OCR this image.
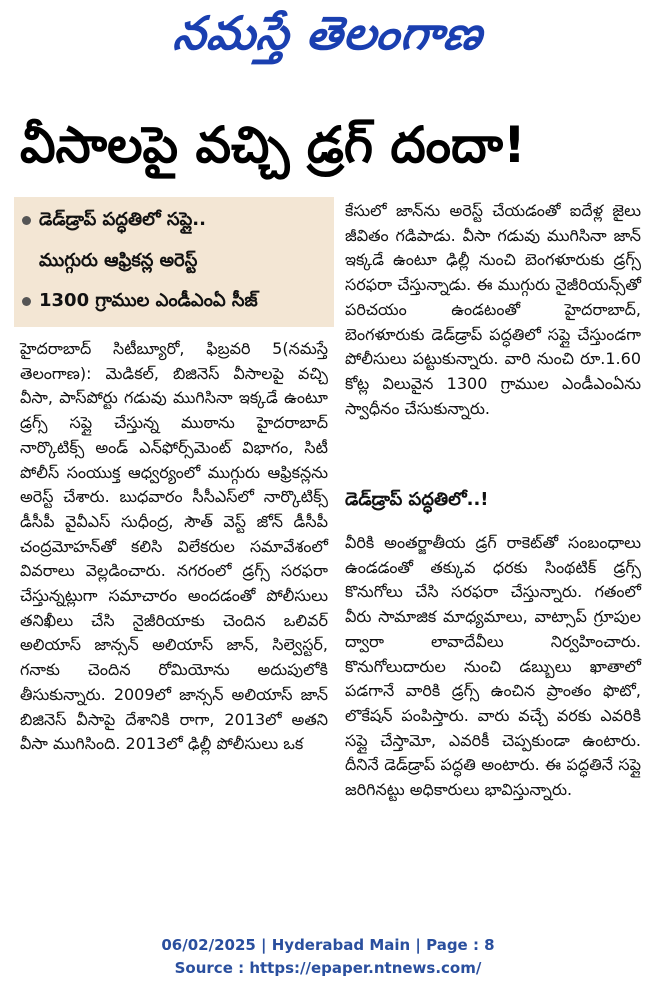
నమస్తే తెలంగాణ
వీసాలపై వచ్చి డ్రగ్ దందా!
డెడ్‌డ్రాప్ పద్ధతిలో సప్లై..
ముగ్గురు ఆఫ్రికన్ల అరెస్ట్
1300 గ్రాముల ఎండీఎంఏ సీజ్

హైదరాబాద్ సిటీబ్యూరో, ఫిబ్రవరి 5(నమస్తే తెలంగాణ): మెడికల్, బిజినెస్ వీసాలపై వచ్చి వీసా, పాస్‌పోర్టు గడువు ముగిసినా ఇక్కడే ఉంటూ డ్రగ్స్ సప్లై చేస్తున్న ముఠాను హైదరాబాద్ నార్కొటిక్స్ అండ్ ఎన్‌ఫోర్స్‌మెంట్ విభాగం, సిటీ పోలీస్ సంయుక్త ఆధ్వర్యంలో ముగ్గురు ఆఫ్రికన్లను అరెస్ట్ చేశారు. బుధవారం సీసీఎస్‌లో నార్కొటిక్స్ డీసీపీ వైవీఎస్ సుధీంద్ర, సౌత్ వెస్ట్ జోన్ డీసీపీ చంద్రమోహన్‌తో కలిసి విలేకరుల సమావేశంలో వివరాలు వెల్లడించారు. నగరంలో డ్రగ్స్ సరఫరా చేస్తున్నట్లుగా సమాచారం అందడంతో పోలీసులు తనిఖీలు చేసి నైజీరియాకు చెందిన ఒలివర్ అలియాస్ జాన్సన్ అలియాస్ జాన్, సిల్వెస్టర్, గనాకు చెందిన రోమియోను అదుపులోకి తీసుకున్నారు. 2009లో జాన్సన్ అలియాస్ జాన్ బిజినెస్ వీసాపై దేశానికి రాగా, 2013లో అతని వీసా ముగిసింది. 2013లో ఢిల్లీ పోలీసులు ఒక

కేసులో జాన్‌ను అరెస్ట్ చేయడంతో ఐదేళ్ల జైలు జీవితం గడిపాడు. వీసా గడువు ముగిసినా జాన్ ఇక్కడే ఉంటూ ఢిల్లీ నుంచి బెంగళూరుకు డ్రగ్స్ సరఫరా చేస్తున్నాడు. ఈ ముగ్గురు నైజీరియన్స్‌తో పరిచయం ఉండటంతో హైదరాబాద్, బెంగళూరుకు డెడ్‌డ్రాప్ పద్ధతిలో సప్లై చేస్తుండగా పోలీసులు పట్టుకున్నారు. వారి నుంచి రూ.1.60 కోట్ల విలువైన 1300 గ్రాముల ఎండీఎంఏను స్వాధీనం చేసుకున్నారు.

డెడ్‌డ్రాప్ పద్ధతిలో..!

వీరికి అంతర్జాతీయ డ్రగ్ రాకెట్‌తో సంబంధాలు ఉండడంతో తక్కువ ధరకు సింథటిక్ డ్రగ్స్ కొనుగోలు చేసి సరఫరా చేస్తున్నారు. గతంలో వీరు సామాజిక మాధ్యమాలు, వాట్సాప్ గ్రూపుల ద్వారా లావాదేవీలు నిర్వహించారు. కొనుగోలుదారుల నుంచి డబ్బులు ఖాతాలో పడగానే వారికి డ్రగ్స్ ఉంచిన ప్రాంతం ఫొటో, లొకేషన్ పంపిస్తారు. వారు వచ్చే వరకు ఎవరికి సప్లై చేస్తామో, ఎవరికీ చెప్పకుండా ఉంటారు. దీనినే డెడ్‌డ్రాప్ పద్ధతి అంటారు. ఈ పద్ధతినే సప్లై జరిగినట్టు అధికారులు భావిస్తున్నారు.

06/02/2025 | Hyderabad Main | Page : 8
Source : https://epaper.ntnews.com/
